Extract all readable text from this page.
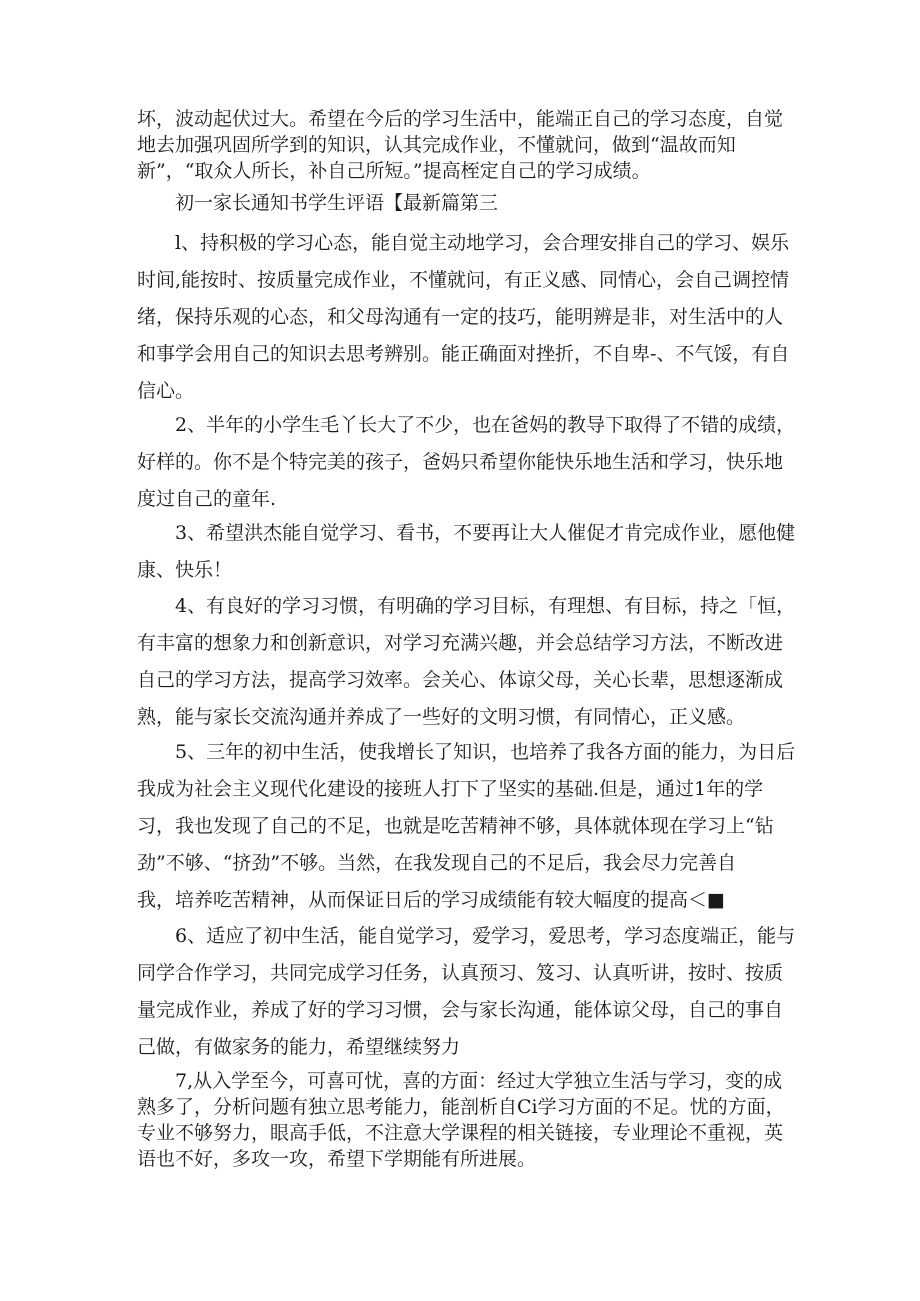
坏，波动起伏过大。希望在今后的学习生活中，能端正自己的学习态度，自觉
地去加强巩固所学到的知识，认其完成作业，不懂就问，做到“温故而知
新”，“取众人所长，补自己所短。”提高桎定自己的学习成绩。
初一家长通知书学生评语【最新篇第三
l、持积极的学习心态，能自觉主动地学习，会合理安排自己的学习、娱乐
时间,能按时、按质量完成作业，不懂就问，有正义感、同情心，会自己调控情
绪，保持乐观的心态，和父母沟通有一定的技巧，能明辨是非，对生活中的人
和事学会用自己的知识去思考辨别。能正确面对挫折，不自卑-、不气馁，有自
信心。
2、半年的小学生毛丫长大了不少，也在爸妈的教导下取得了不错的成绩，
好样的。你不是个特完美的孩子，爸妈只希望你能快乐地生活和学习，快乐地
度过自己的童年.
3、希望洪杰能自觉学习、看书，不要再让大人催促才肯完成作业，愿他健
康、快乐！
4、有良好的学习习惯，有明确的学习目标，有理想、有目标，持之「恒，
有丰富的想象力和创新意识，对学习充满兴趣，并会总结学习方法，不断改进
自己的学习方法，提高学习效率。会关心、体谅父母，关心长辈，思想逐渐成
熟，能与家长交流沟通并养成了一些好的文明习惯，有同情心，正义感。
5、三年的初中生活，使我增长了知识，也培养了我各方面的能力，为日后
我成为社会主义现代化建设的接班人打下了坚实的基础.但是，通过1年的学
习，我也发现了自己的不足，也就是吃苦精神不够，具体就体现在学习上“钻
劲”不够、“挤劲”不够。当然，在我发现自己的不足后，我会尽力完善自
我，培养吃苦精神，从而保证日后的学习成绩能有较大幅度的提高＜■
6、适应了初中生活，能自觉学习，爱学习，爱思考，学习态度端正，能与
同学合作学习，共同完成学习任务，认真预习、笈习、认真听讲，按时、按质
量完成作业，养成了好的学习习惯，会与家长沟通，能体谅父母，自己的事自
己做，有做家务的能力，希望继续努力
7,从入学至今，可喜可忧，喜的方面：经过大学独立生活与学习，变的成
熟多了，分析问题有独立思考能力，能剖析自Ci学习方面的不足。忧的方面，
专业不够努力，眼高手低，不注意大学课程的相关链接，专业理论不重视，英
语也不好，多攻一攻，希望下学期能有所进展。
